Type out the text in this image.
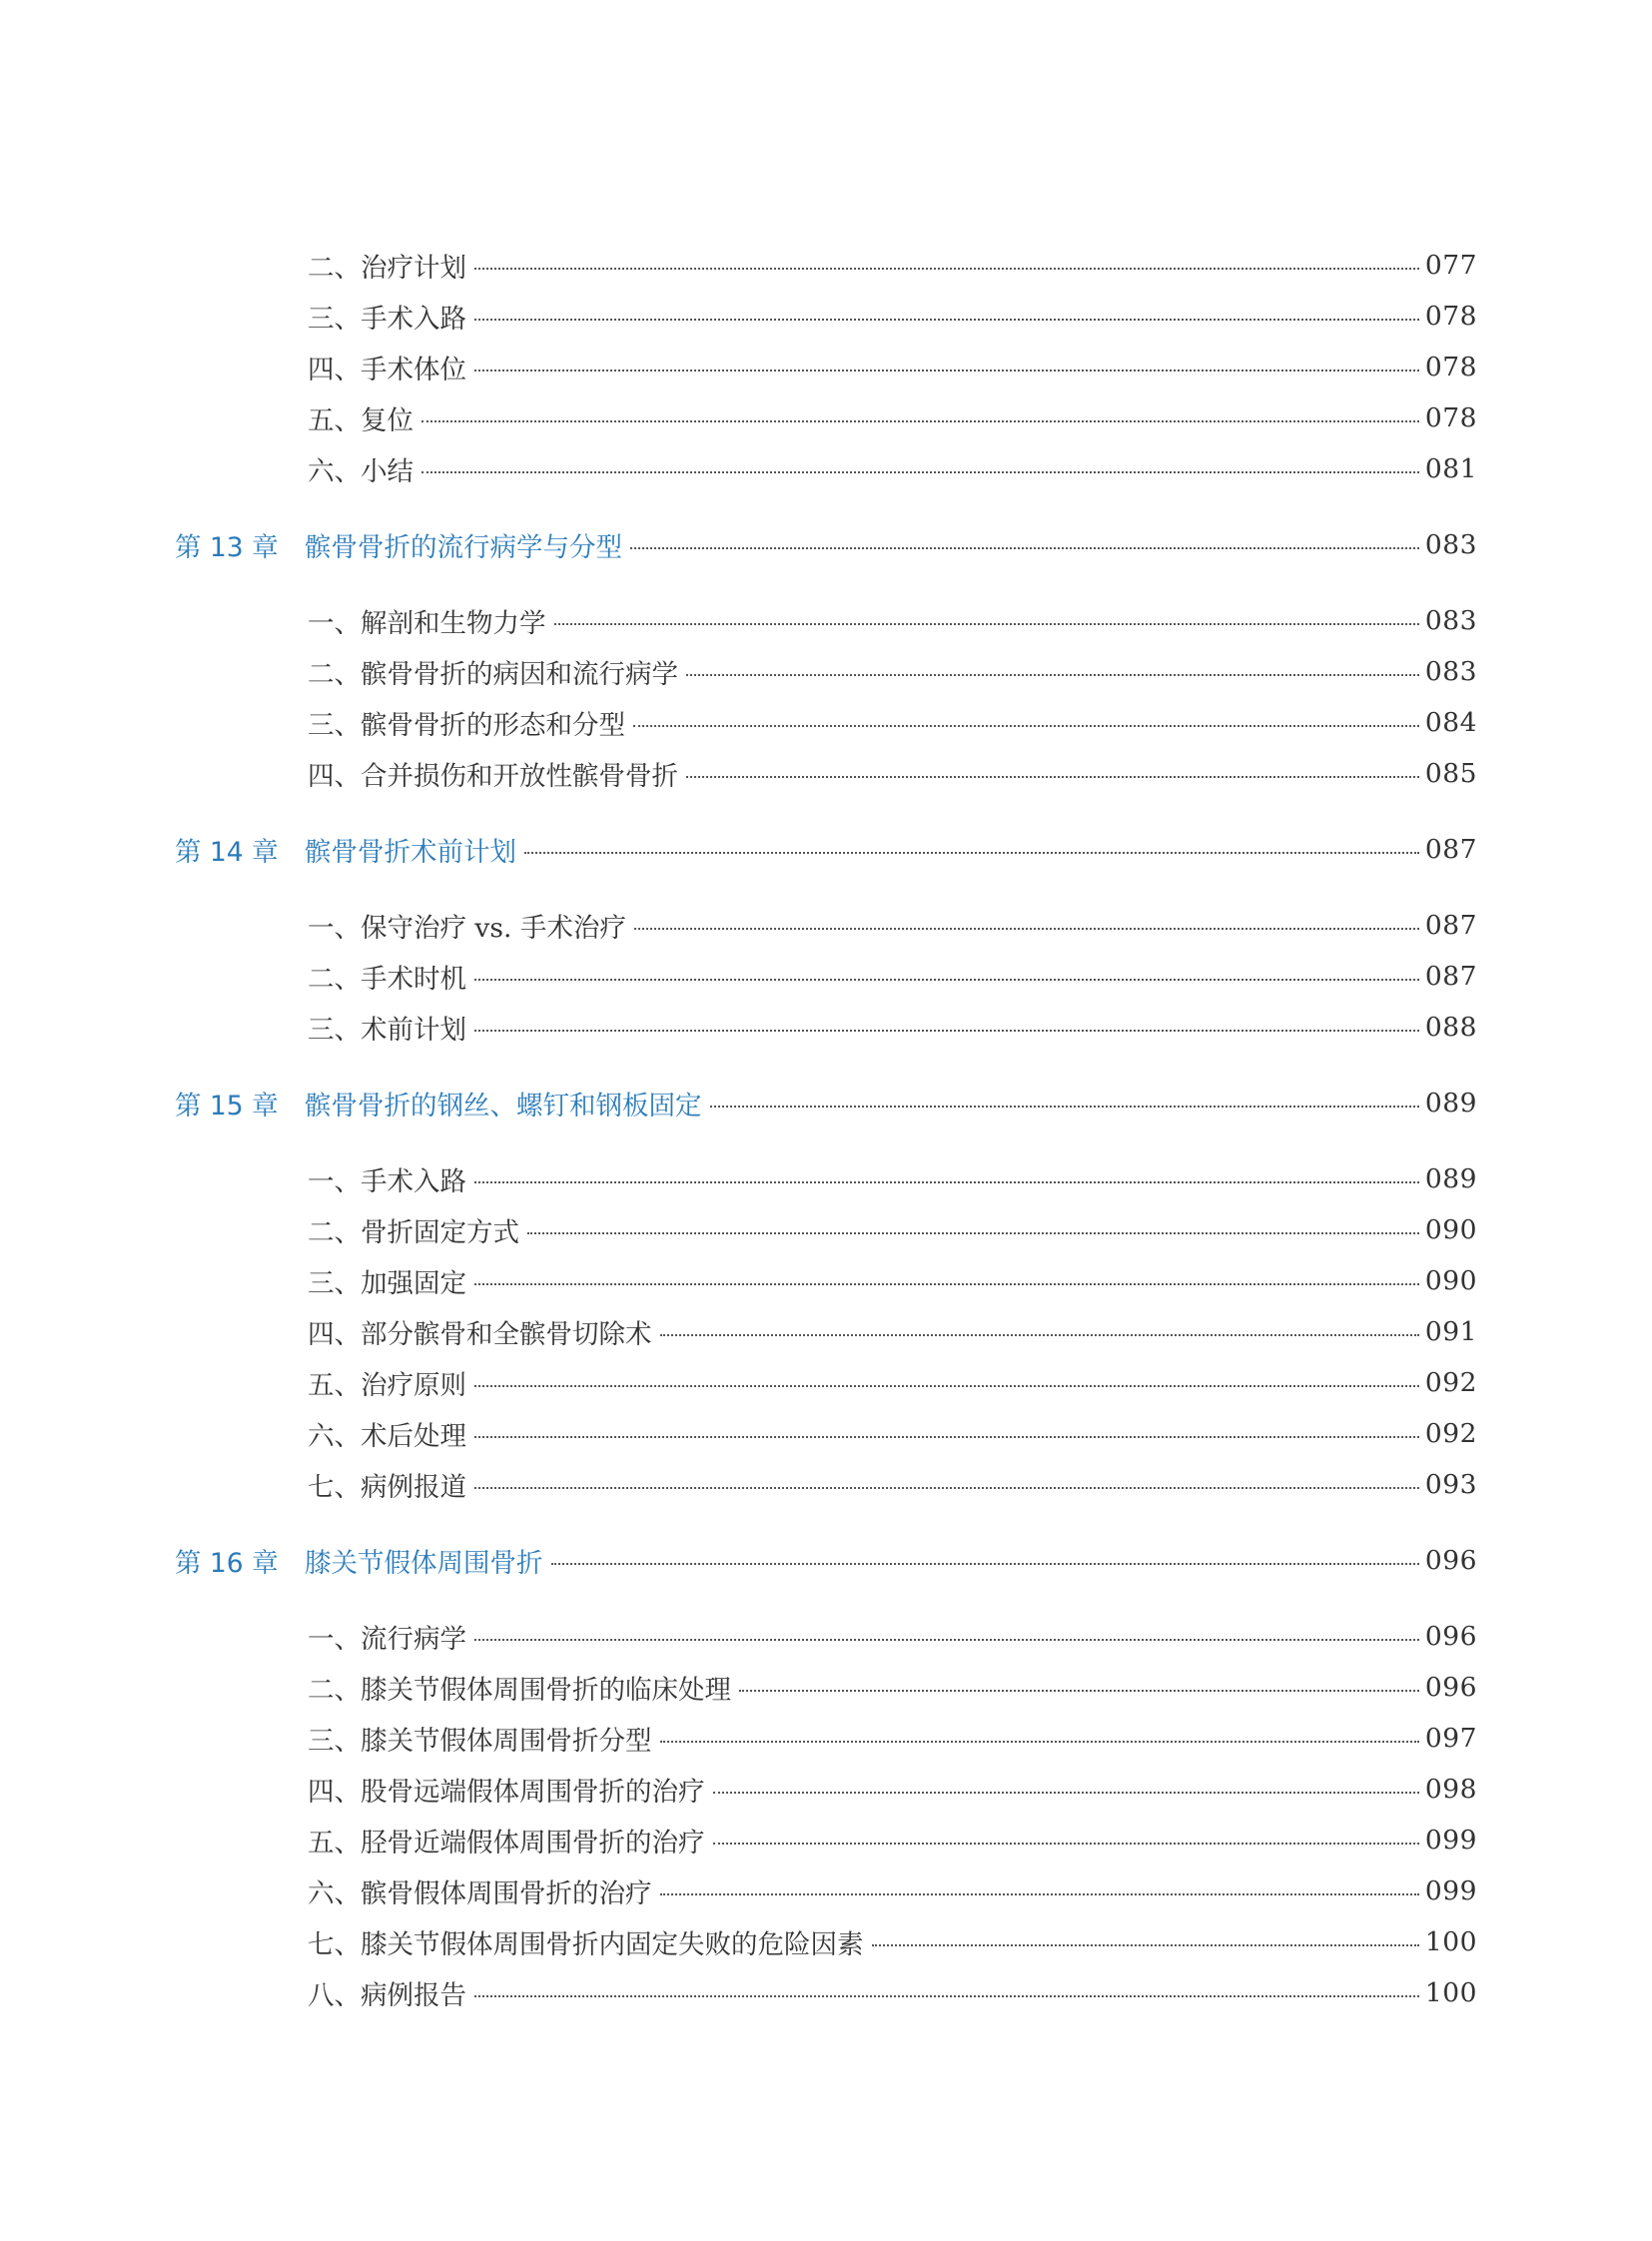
二、治疗计划	077
三、手术入路	078
四、手术体位	078
五、复位	078
六、小结	081
第 13 章 髌骨骨折的流行病学与分型	083
一、解剖和生物力学	083
二、髌骨骨折的病因和流行病学	083
三、髌骨骨折的形态和分型	084
四、合并损伤和开放性髌骨骨折	085
第 14 章 髌骨骨折术前计划	087
一、保守治疗 vs. 手术治疗	087
二、手术时机	087
三、术前计划	088
第 15 章 髌骨骨折的钢丝、螺钉和钢板固定	089
一、手术入路	089
二、骨折固定方式	090
三、加强固定	090
四、部分髌骨和全髌骨切除术	091
五、治疗原则	092
六、术后处理	092
七、病例报道	093
第 16 章 膝关节假体周围骨折	096
一、流行病学	096
二、膝关节假体周围骨折的临床处理	096
三、膝关节假体周围骨折分型	097
四、股骨远端假体周围骨折的治疗	098
五、胫骨近端假体周围骨折的治疗	099
六、髌骨假体周围骨折的治疗	099
七、膝关节假体周围骨折内固定失败的危险因素	100
八、病例报告	100
